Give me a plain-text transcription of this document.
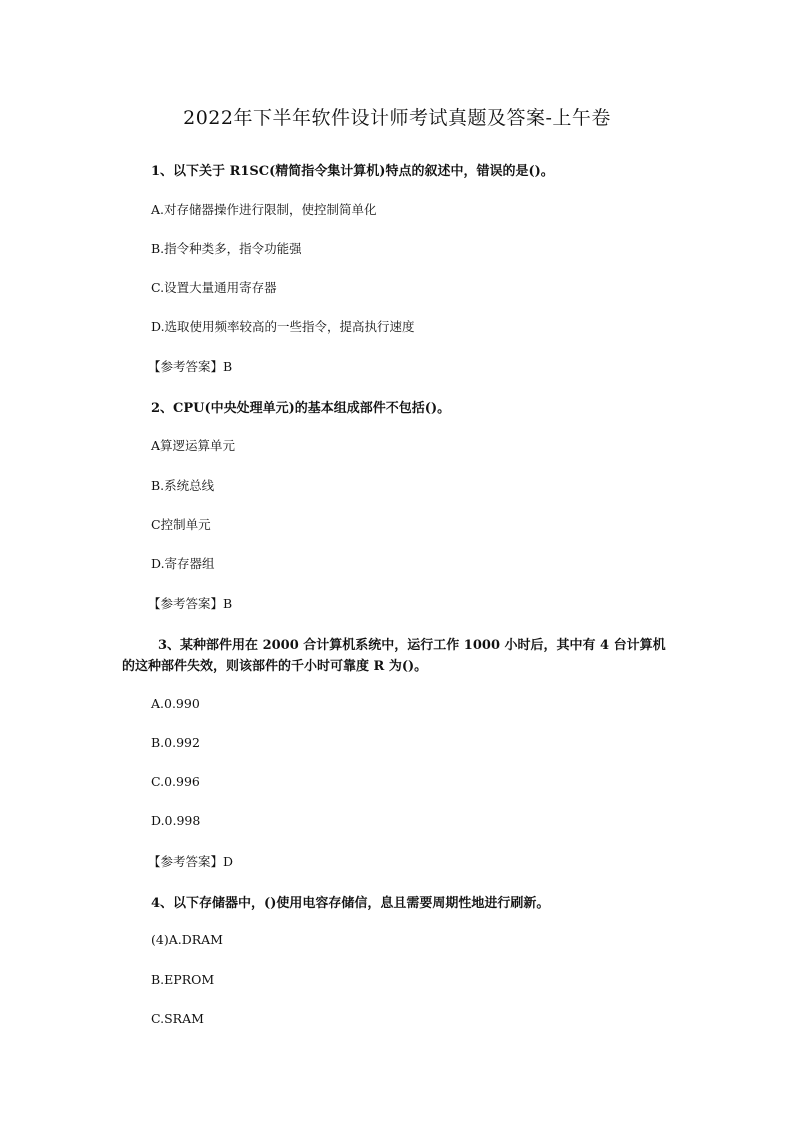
2022年下半年软件设计师考试真题及答案-上午卷
1、以下关于 R1SC(精简指令集计算机)特点的叙述中，错误的是()。
A.对存储器操作进行限制，使控制简单化
B.指令种类多，指令功能强
C.设置大量通用寄存器
D.选取使用频率较高的一些指令，提高执行速度
【参考答案】B
2、CPU(中央处理单元)的基本组成部件不包括()。
A算逻运算单元
B.系统总线
C控制单元
D.寄存器组
【参考答案】B
3、某种部件用在 2000 合计算机系统中，运行工作 1000 小时后，其中有 4 台计算机
的这种部件失效，则该部件的千小时可靠度 R 为()。
A.0.990
B.0.992
C.0.996
D.0.998
【参考答案】D
4、以下存储器中，()使用电容存储信，息且需要周期性地进行刷新。
(4)A.DRAM
B.EPROM
C.SRAM
